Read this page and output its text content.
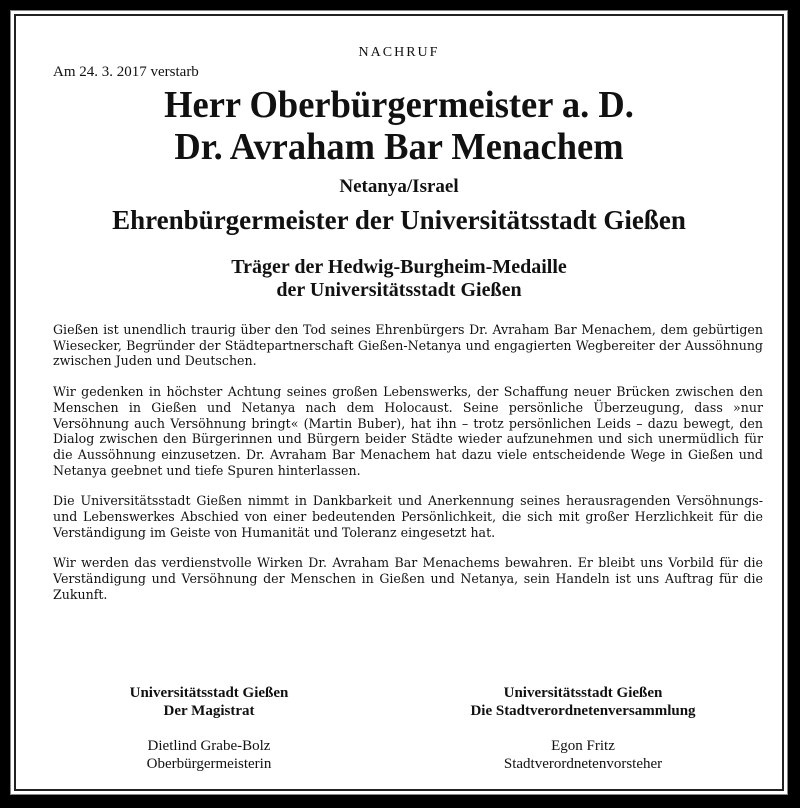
NACHRUF
Am 24. 3. 2017 verstarb
Herr Oberbürgermeister a. D.
Dr. Avraham Bar Menachem
Netanya/Israel
Ehrenbürgermeister der Universitätsstadt Gießen
Träger der Hedwig-Burgheim-Medaille
der Universitätsstadt Gießen

Gießen ist unendlich traurig über den Tod seines Ehrenbürgers Dr. Avraham Bar Menachem, dem gebürtigen Wiesecker, Begründer der Städtepartnerschaft Gießen-Netanya und engagierten Wegbereiter der Aussöhnung zwischen Juden und Deutschen.

Wir gedenken in höchster Achtung seines großen Lebenswerks, der Schaffung neuer Brücken zwischen den Menschen in Gießen und Netanya nach dem Holocaust. Seine persönliche Überzeugung, dass »nur Versöhnung auch Versöhnung bringt« (Martin Buber), hat ihn – trotz persönlichen Leids – dazu bewegt, den Dialog zwischen den Bürgerinnen und Bürgern beider Städte wieder aufzunehmen und sich unermüdlich für die Aussöhnung einzusetzen. Dr. Avraham Bar Menachem hat dazu viele entscheidende Wege in Gießen und Netanya geebnet und tiefe Spuren hinterlassen.

Die Universitätsstadt Gießen nimmt in Dankbarkeit und Anerkennung seines herausragenden Versöhnungs- und Lebenswerkes Abschied von einer bedeutenden Persönlichkeit, die sich mit großer Herzlichkeit für die Verständigung im Geiste von Humanität und Toleranz eingesetzt hat.

Wir werden das verdienstvolle Wirken Dr. Avraham Bar Menachems bewahren. Er bleibt uns Vorbild für die Verständigung und Versöhnung der Menschen in Gießen und Netanya, sein Handeln ist uns Auftrag für die Zukunft.

Universitätsstadt Gießen
Der Magistrat
Dietlind Grabe-Bolz
Oberbürgermeisterin
Universitätsstadt Gießen
Die Stadtverordnetenversammlung
Egon Fritz
Stadtverordnetenvorsteher
